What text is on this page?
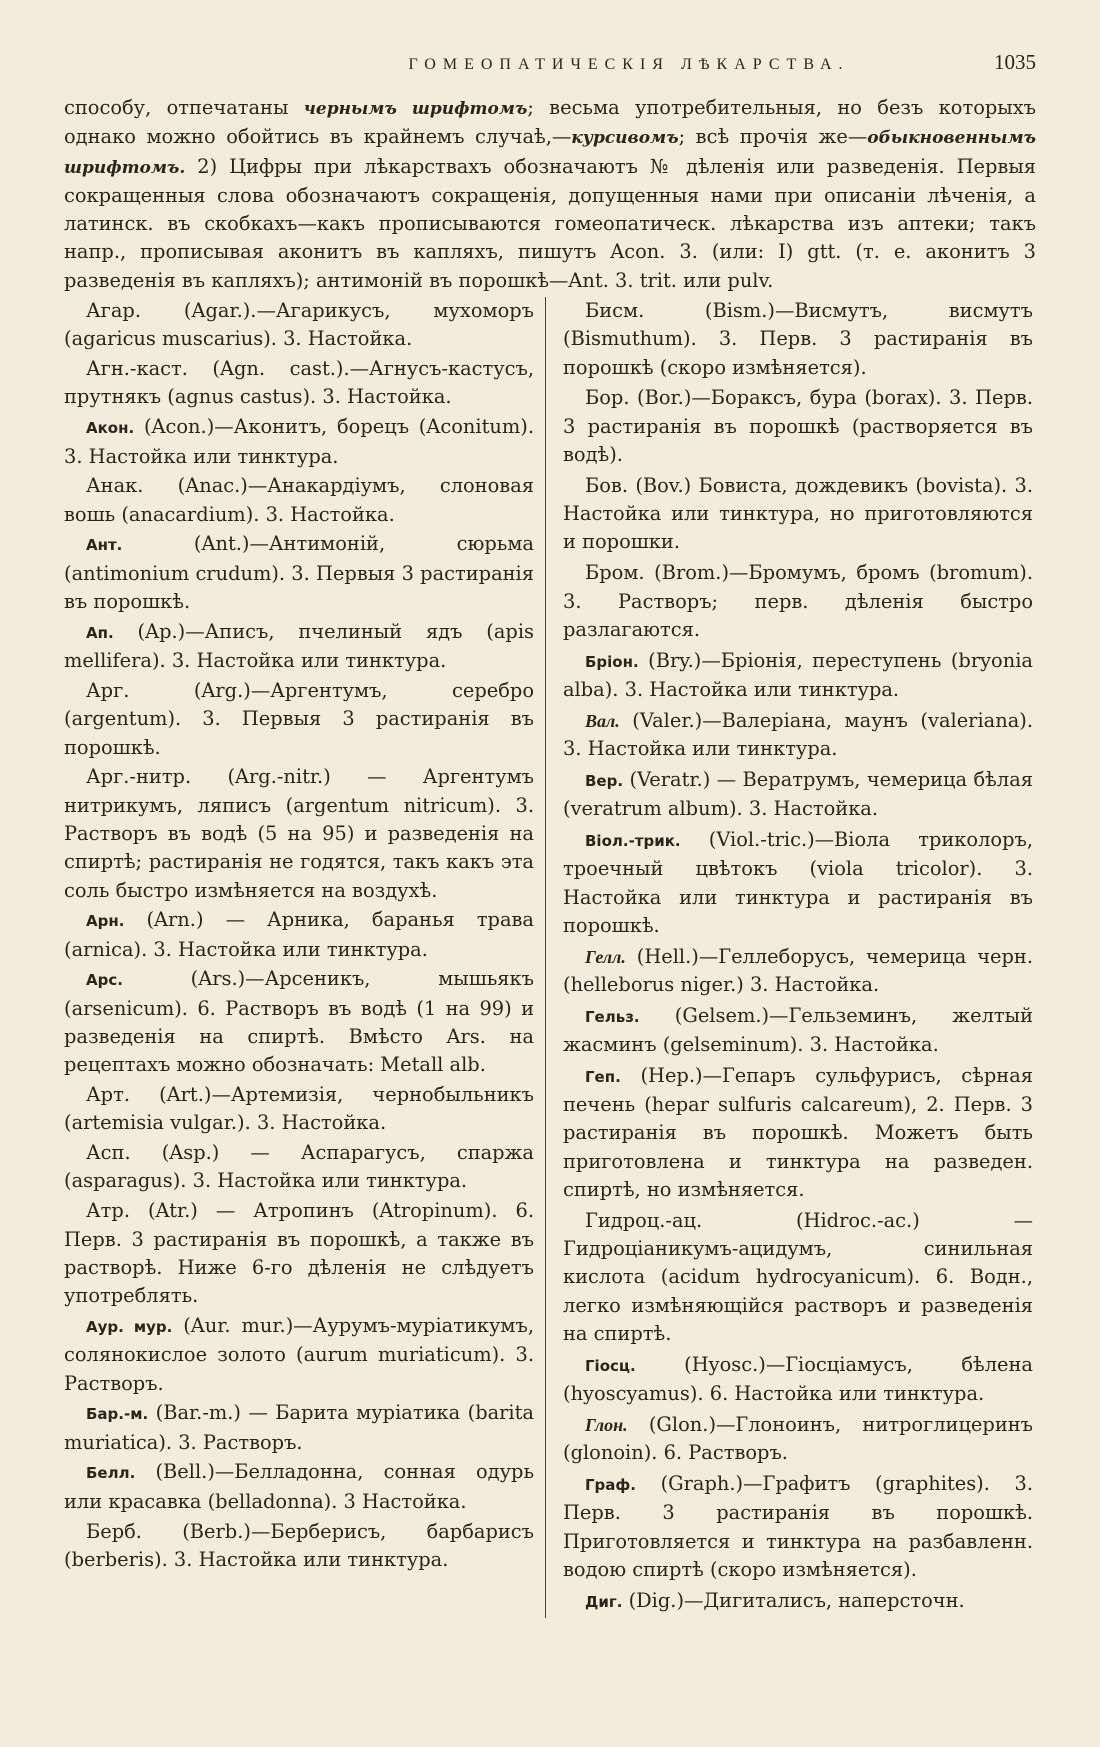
ГОМЕОПАТИЧЕСКІЯ ЛѢКАРСТВА.	1035

способу, отпечатаны чернымъ шрифтомъ; весьма употребительныя, но безъ которыхъ однако можно обойтись въ крайнемъ случаѣ,—курсивомъ; всѣ прочія же—обыкновеннымъ шрифтомъ. 2) Цифры при лѣкарствахъ обозначаютъ № дѣленія или разведенія. Первыя сокращенныя слова обозначаютъ сокращенія, допущенныя нами при описаніи лѣченія, а латинск. въ скобкахъ—какъ прописываются гомеопатическ. лѣкарства изъ аптеки; такъ напр., прописывая аконитъ въ капляхъ, пишутъ Acon. 3. (или: I) gtt. (т. е. аконитъ 3 разведенія въ капляхъ); антимоній въ порошкѣ—Ant. 3. trit. или pulv.

Агар. (Agar.).—Агарикусъ, мухоморъ (agaricus muscarius). 3. Настойка.

Агн.-каст. (Agn. cast.).—Агнусъ-кастусъ, прутнякъ (agnus castus). 3. Настойка.

Акон. (Acon.)—Аконитъ, борецъ (Aconitum). 3. Настойка или тинктура.

Анак. (Anac.)—Анакардіумъ, слоновая вошь (anacardium). 3. Настойка.

Ант. (Ant.)—Антимоній, сюрьма (antimonium crudum). 3. Первыя 3 растиранія въ порошкѣ.

Ап. (Ap.)—Аписъ, пчелиный ядъ (apis mellifera). 3. Настойка или тинктура.

Арг. (Arg.)—Аргентумъ, серебро (argentum). 3. Первыя 3 растиранія въ порошкѣ.

Арг.-нитр. (Arg.-nitr.) — Аргентумъ нитрикумъ, ляписъ (argentum nitricum). 3. Растворъ въ водѣ (5 на 95) и разведенія на спиртѣ; растиранія не годятся, такъ какъ эта соль быстро измѣняется на воздухѣ.

Арн. (Arn.) — Арника, баранья трава (arnica). 3. Настойка или тинктура.

Арс. (Ars.)—Арсеникъ, мышьякъ (arsenicum). 6. Растворъ въ водѣ (1 на 99) и разведенія на спиртѣ. Вмѣсто Ars. на рецептахъ можно обозначать: Metall alb.

Арт. (Art.)—Артемизія, чернобыльникъ (artemisia vulgar.). 3. Настойка.

Асп. (Asp.) — Аспарагусъ, спаржа (asparagus). 3. Настойка или тинктура.

Атр. (Atr.) — Атропинъ (Atropinum). 6. Перв. 3 растиранія въ порошкѣ, а также въ растворѣ. Ниже 6-го дѣленія не слѣдуетъ употреблять.

Аур. мур. (Aur. mur.)—Аурумъ-муріатикумъ, солянокислое золото (aurum muriaticum). 3. Растворъ.

Бар.-м. (Bar.-m.) — Барита муріатика (barita muriatica). 3. Растворъ.

Белл. (Bell.)—Белладонна, сонная одурь или красавка (belladonna). 3 Настойка.

Берб. (Berb.)—Берберисъ, барбарисъ (berberis). 3. Настойка или тинктура.

Бисм. (Bism.)—Висмутъ, висмутъ (Bismuthum). 3. Перв. 3 растиранія въ порошкѣ (скоро измѣняется).

Бор. (Bor.)—Бораксъ, бура (borax). 3. Перв. 3 растиранія въ порошкѣ (растворяется въ водѣ).

Бов. (Bov.) Бовиста, дождевикъ (bovista). 3. Настойка или тинктура, но приготовляются и порошки.

Бром. (Brom.)—Бромумъ, бромъ (bromum). 3. Растворъ; перв. дѣленія быстро разлагаются.

Бріон. (Bry.)—Бріонія, переступень (bryonia alba). 3. Настойка или тинктура.

Вал. (Valer.)—Валеріана, маунъ (valeriana). 3. Настойка или тинктура.

Вер. (Veratr.) — Вератрумъ, чемерица бѣлая (veratrum album). 3. Настойка.

Віол.-трик. (Viol.-tric.)—Віола триколоръ, троечный цвѣтокъ (viola tricolor). 3. Настойка или тинктура и растиранія въ порошкѣ.

Гелл. (Hell.)—Геллеборусъ, чемерица черн. (helleborus niger.) 3. Настойка.

Гельз. (Gelsem.)—Гельземинъ, желтый жасминъ (gelseminum). 3. Настойка.

Геп. (Hep.)—Гепаръ сульфурисъ, сѣрная печень (hepar sulfuris calcareum), 2. Перв. 3 растиранія въ порошкѣ. Можетъ быть приготовлена и тинктура на разведен. спиртѣ, но измѣняется.

Гидроц.-ац. (Hidroc.-ac.) — Гидроціаникумъ-ацидумъ, синильная кислота (acidum hydrocyanicum). 6. Водн., легко измѣняющійся растворъ и разведенія на спиртѣ.

Гіосц. (Hyosc.)—Гіосціамусъ, бѣлена (hyoscyamus). 6. Настойка или тинктура.

Глон. (Glon.)—Глоноинъ, нитроглицеринъ (glonoin). 6. Растворъ.

Граф. (Graph.)—Графитъ (graphites). 3. Перв. 3 растиранія въ порошкѣ. Приготовляется и тинктура на разбавленн. водою спиртѣ (скоро измѣняется).

Диг. (Dig.)—Дигиталисъ, наперсточн.
